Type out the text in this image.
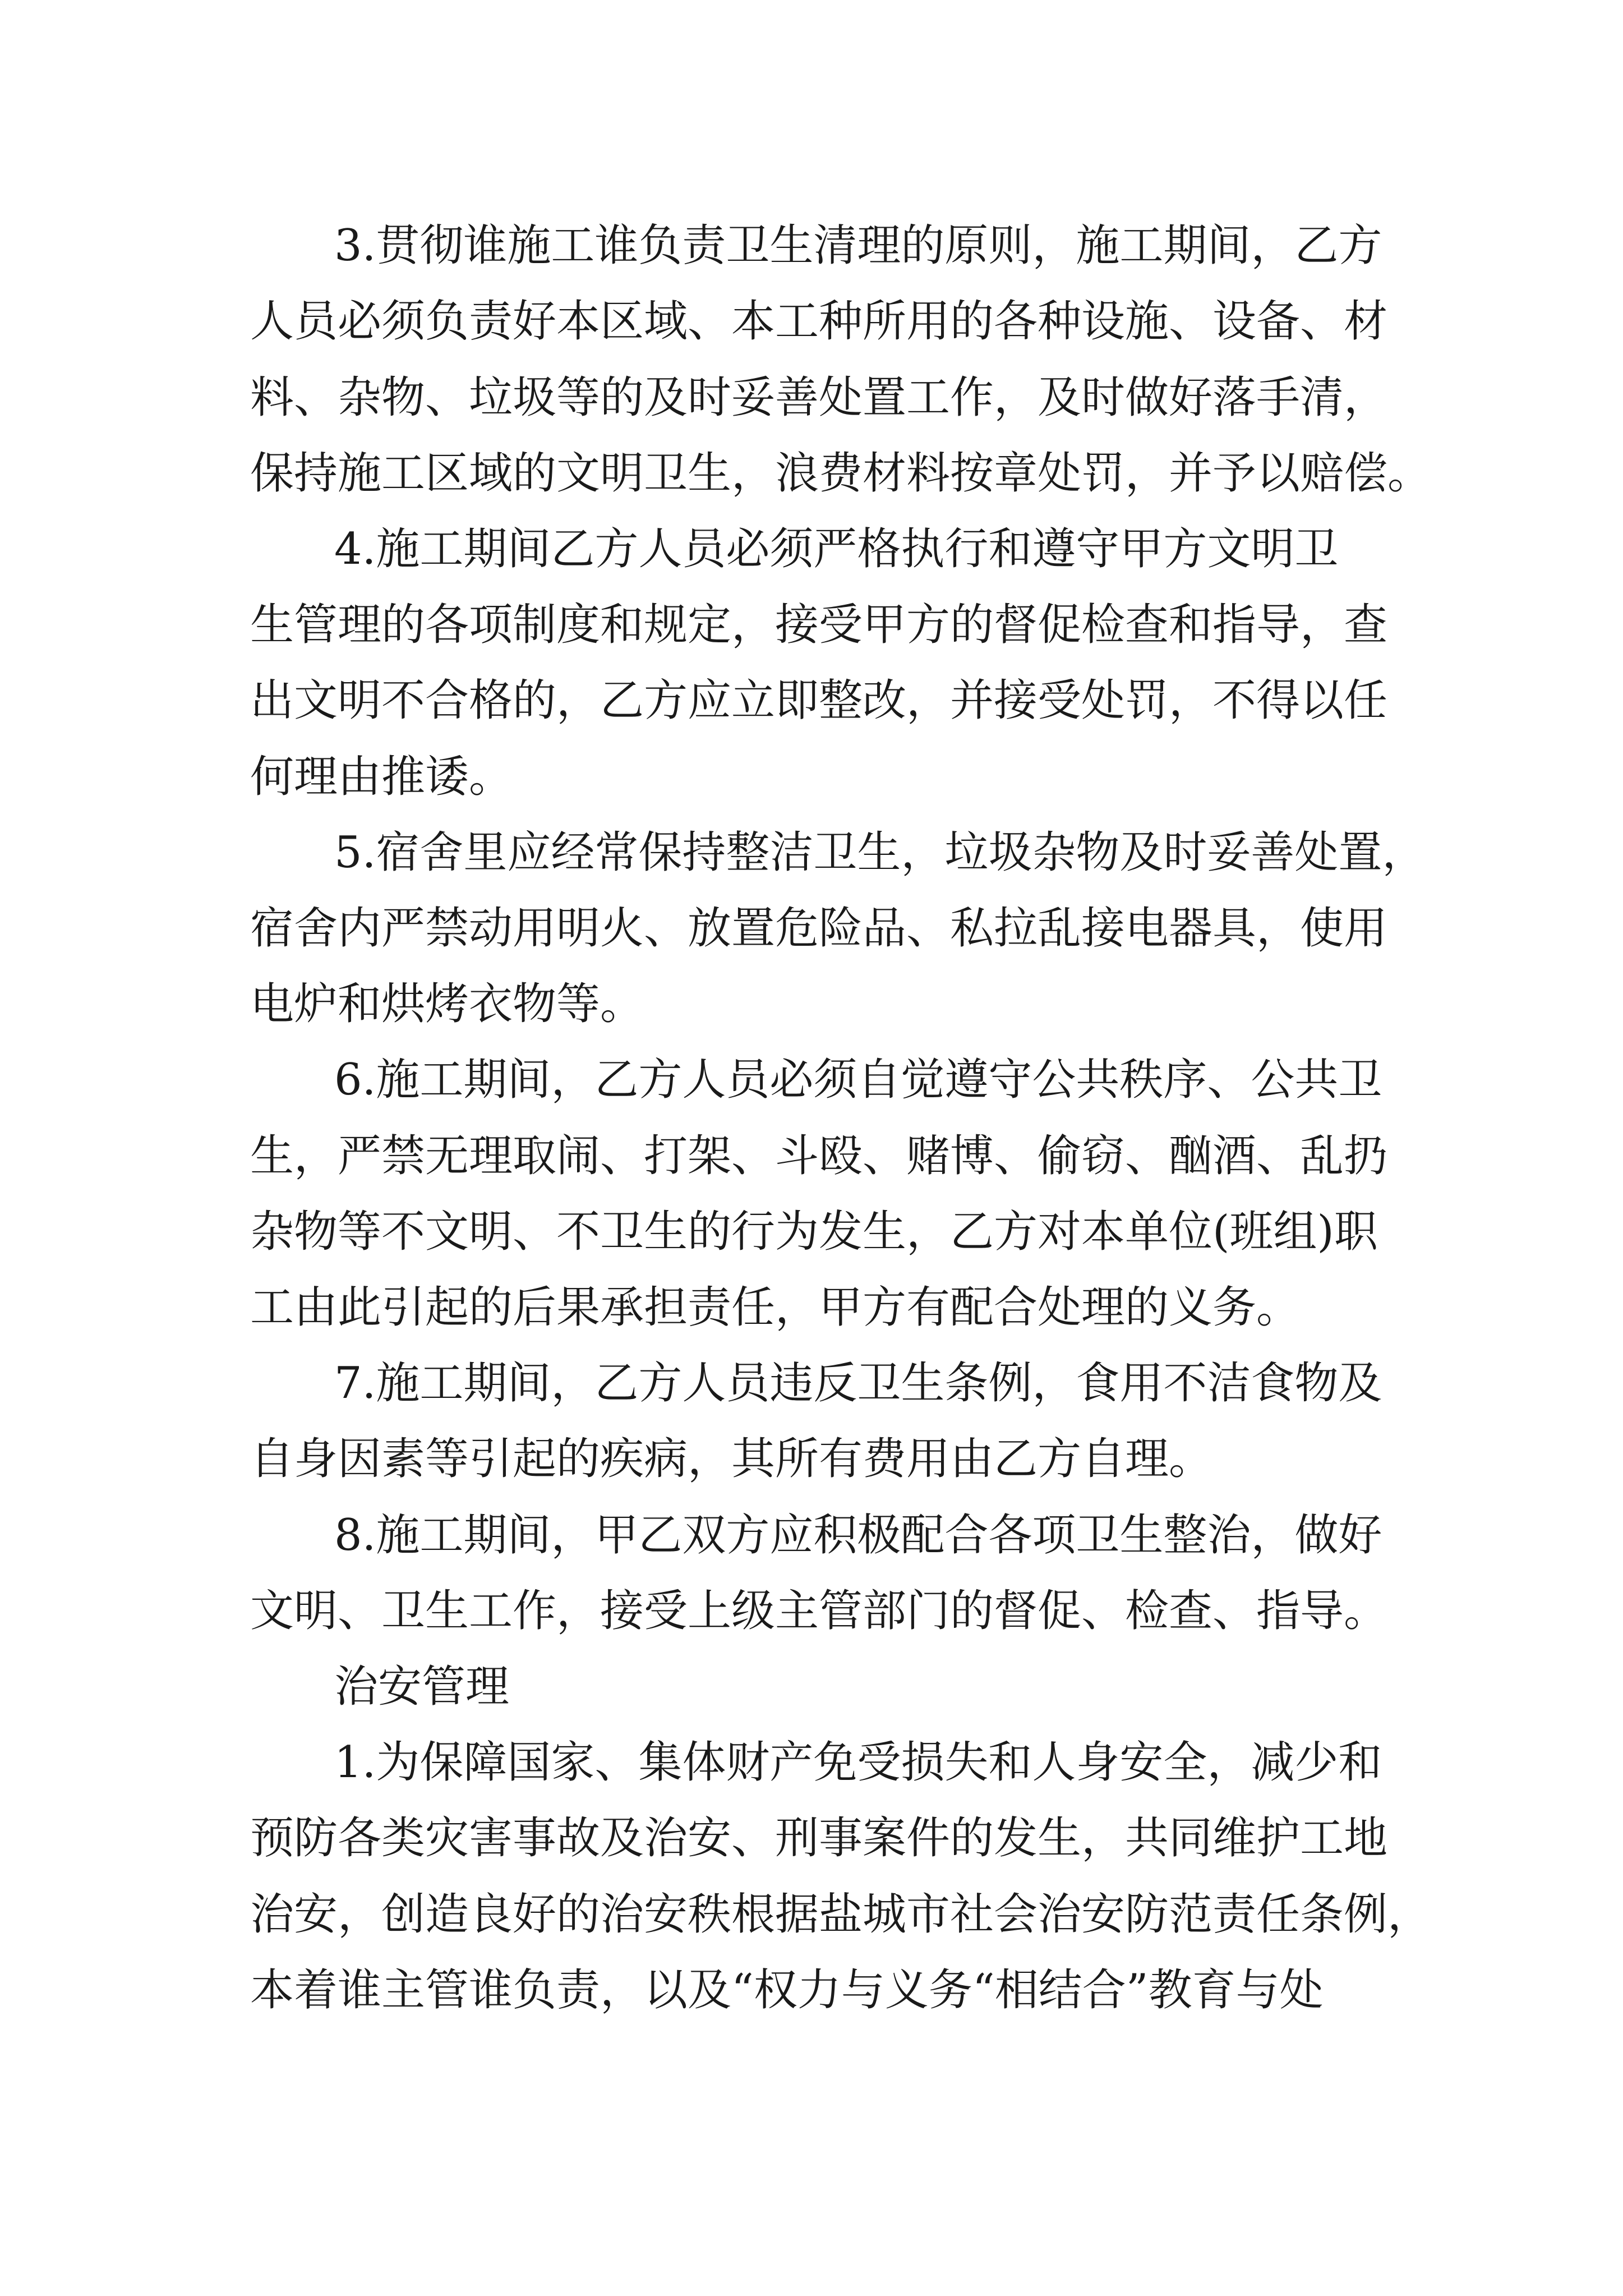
3.贯彻谁施工谁负责卫生清理的原则，施工期间，乙方
人员必须负责好本区域、本工种所用的各种设施、设备、材
料、杂物、垃圾等的及时妥善处置工作，及时做好落手清，
保持施工区域的文明卫生，浪费材料按章处罚，并予以赔偿。
4.施工期间乙方人员必须严格执行和遵守甲方文明卫
生管理的各项制度和规定，接受甲方的督促检查和指导，查
出文明不合格的，乙方应立即整改，并接受处罚，不得以任
何理由推诿。
5.宿舍里应经常保持整洁卫生，垃圾杂物及时妥善处置，
宿舍内严禁动用明火、放置危险品、私拉乱接电器具，使用
电炉和烘烤衣物等。
6.施工期间，乙方人员必须自觉遵守公共秩序、公共卫
生，严禁无理取闹、打架、斗殴、赌博、偷窃、酗酒、乱扔
杂物等不文明、不卫生的行为发生，乙方对本单位(班组)职
工由此引起的后果承担责任，甲方有配合处理的义务。
7.施工期间，乙方人员违反卫生条例，食用不洁食物及
自身因素等引起的疾病，其所有费用由乙方自理。
8.施工期间，甲乙双方应积极配合各项卫生整治，做好
文明、卫生工作，接受上级主管部门的督促、检查、指导。
治安管理
1.为保障国家、集体财产免受损失和人身安全，减少和
预防各类灾害事故及治安、刑事案件的发生，共同维护工地
治安，创造良好的治安秩根据盐城市社会治安防范责任条例，
本着谁主管谁负责，以及“权力与义务“相结合”教育与处
